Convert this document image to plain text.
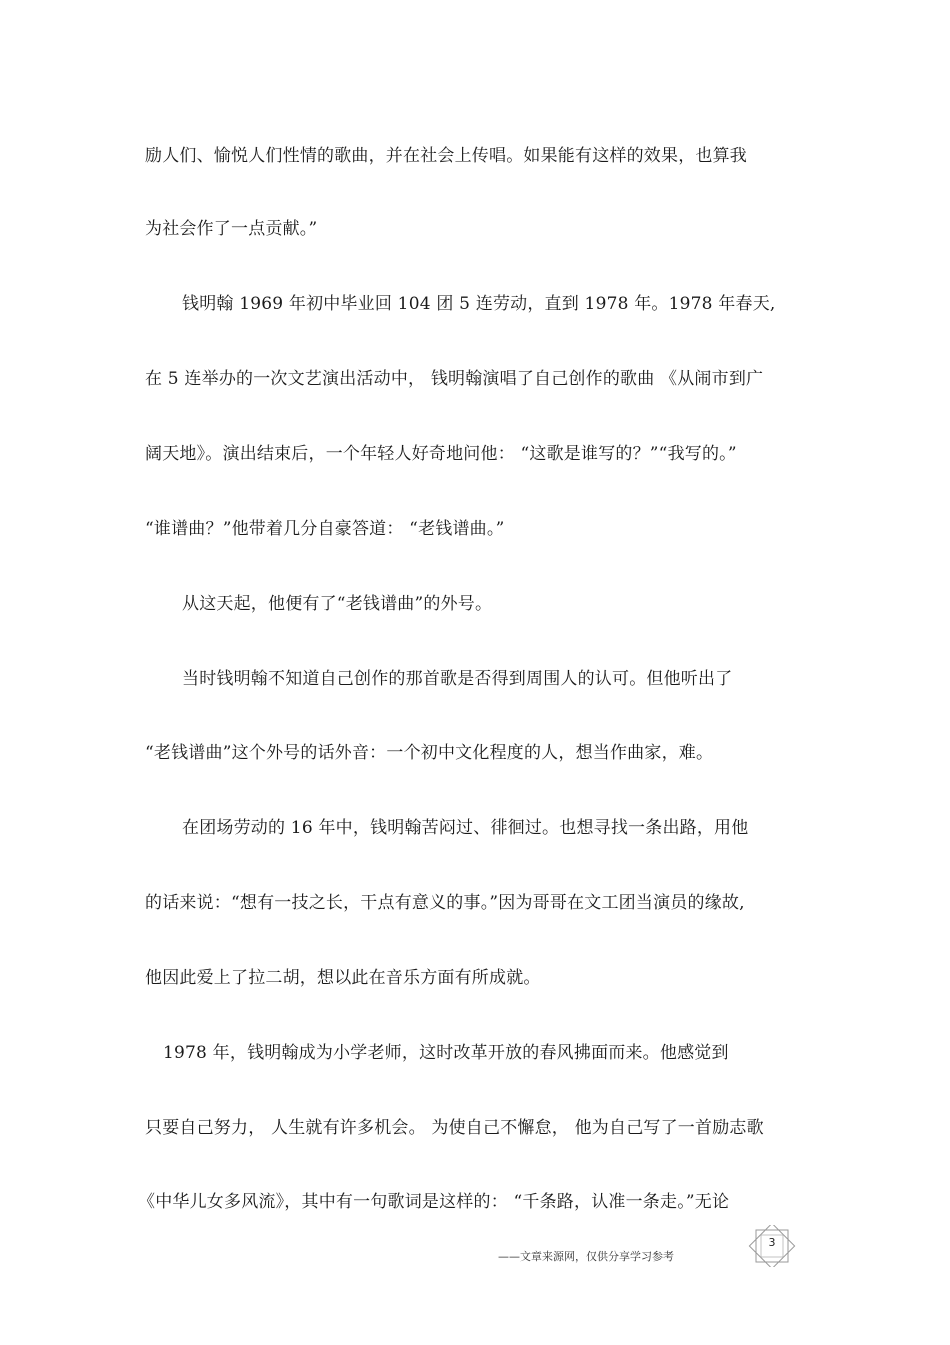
励人们、愉悦人们性情的歌曲，并在社会上传唱。如果能有这样的效果，也算我
为社会作了一点贡献。”
钱明翰 1969 年初中毕业回 104 团 5 连劳动，直到 1978 年。1978 年春天,
在 5 连举办的一次文艺演出活动中， 钱明翰演唱了自己创作的歌曲 《从闹市到广
阔天地》。演出结束后，一个年轻人好奇地问他： “这歌是谁写的？”“我写的。”
“谁谱曲？”他带着几分自豪答道： “老钱谱曲。”
从这天起，他便有了“老钱谱曲”的外号。
当时钱明翰不知道自己创作的那首歌是否得到周围人的认可。但他听出了
“老钱谱曲”这个外号的话外音：一个初中文化程度的人，想当作曲家，难。
在团场劳动的 16 年中，钱明翰苦闷过、徘徊过。也想寻找一条出路，用他
的话来说：“想有一技之长，干点有意义的事。”因为哥哥在文工团当演员的缘故,
他因此爱上了拉二胡，想以此在音乐方面有所成就。
1978 年，钱明翰成为小学老师，这时改革开放的春风拂面而来。他感觉到
只要自己努力， 人生就有许多机会。 为使自己不懈怠， 他为自己写了一首励志歌
《中华儿女多风流》，其中有一句歌词是这样的： “千条路，认准一条走。”无论
——文章来源网，仅供分享学习参考
3
